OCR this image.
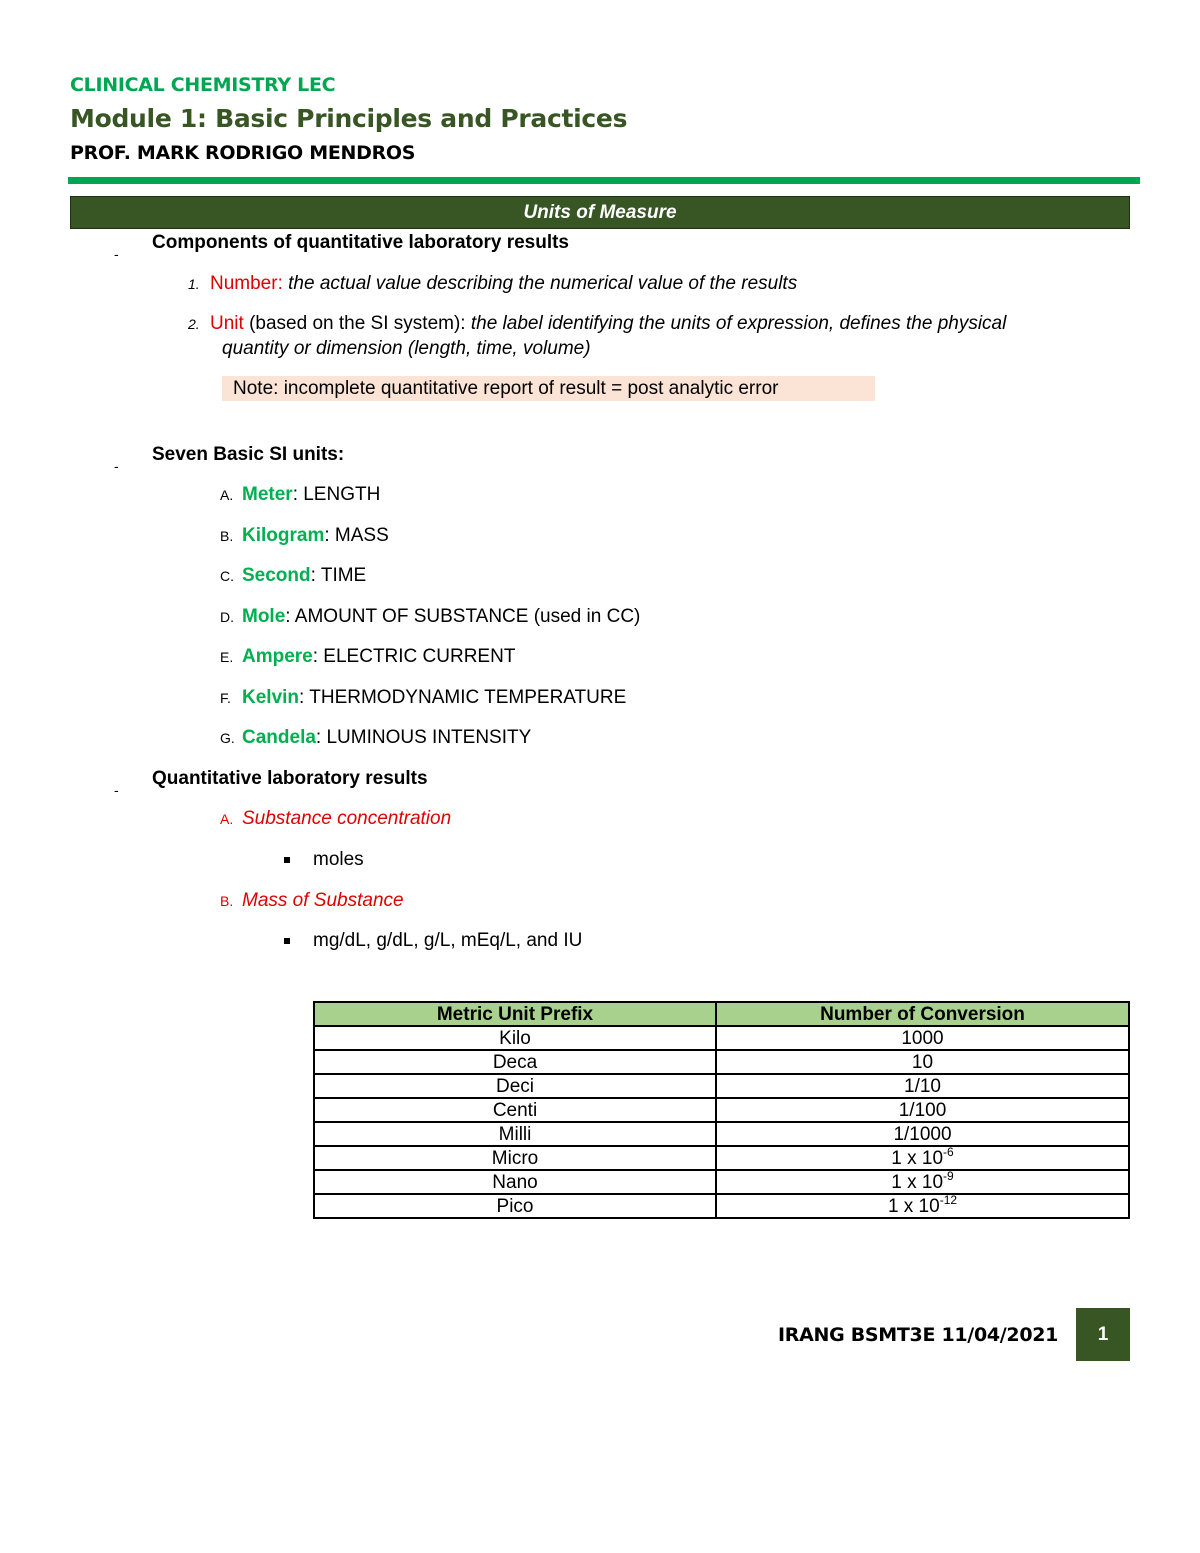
CLINICAL CHEMISTRY LEC
Module 1: Basic Principles and Practices
PROF. MARK RODRIGO MENDROS
Units of Measure
-
Components of quantitative laboratory results
1. Number: the actual value describing the numerical value of the results
2. Unit (based on the SI system): the label identifying the units of expression, defines the physical
quantity or dimension (length, time, volume)
Note: incomplete quantitative report of result = post analytic error
-
Seven Basic SI units:
A. Meter: LENGTH
B. Kilogram: MASS
C. Second: TIME
D. Mole: AMOUNT OF SUBSTANCE (used in CC)
E. Ampere: ELECTRIC CURRENT
F. Kelvin: THERMODYNAMIC TEMPERATURE
G. Candela: LUMINOUS INTENSITY
-
Quantitative laboratory results
A. Substance concentration
moles
B. Mass of Substance
mg/dL, g/dL, g/L, mEq/L, and IU
Metric Unit Prefix	Number of Conversion
Kilo	1000
Deca	10
Deci	1/10
Centi	1/100
Milli	1/1000
Micro	1 x $10^{-6}$
Nano	1 x $10^{-9}$
Pico	1 x $10^{-12}$
IRANG BSMT3E 11/04/2021	1
